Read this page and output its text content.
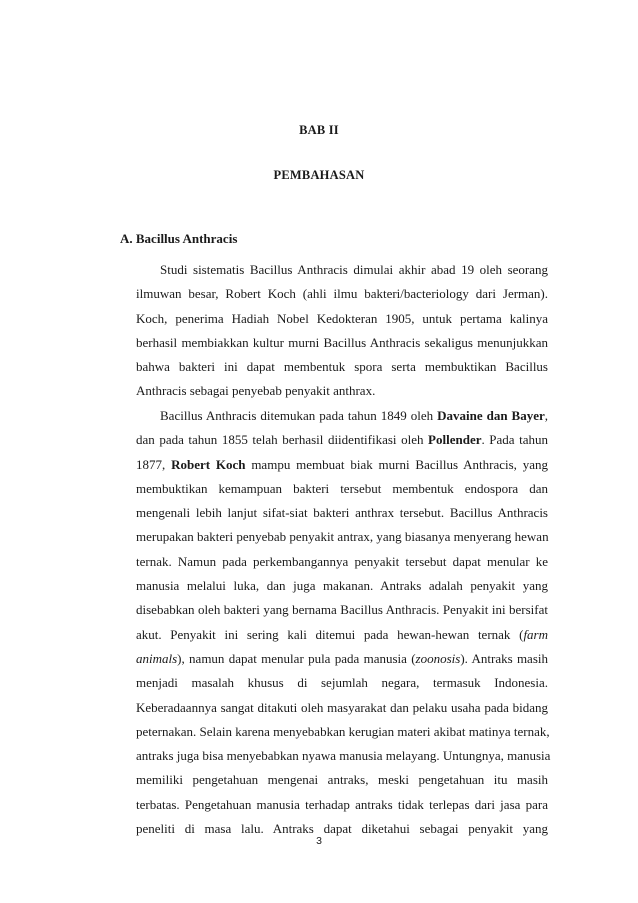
BAB II
PEMBAHASAN
A. Bacillus Anthracis
Studi sistematis Bacillus Anthracis dimulai akhir abad 19 oleh seorang
ilmuwan besar, Robert Koch (ahli ilmu bakteri/bacteriology dari Jerman).
Koch, penerima Hadiah Nobel Kedokteran 1905, untuk pertama kalinya
berhasil membiakkan kultur murni Bacillus Anthracis sekaligus menunjukkan
bahwa bakteri ini dapat membentuk spora serta membuktikan Bacillus
Anthracis sebagai penyebab penyakit anthrax.
Bacillus Anthracis ditemukan pada tahun 1849 oleh Davaine dan Bayer,
dan pada tahun 1855 telah berhasil diidentifikasi oleh Pollender. Pada tahun
1877, Robert Koch mampu membuat biak murni Bacillus Anthracis, yang
membuktikan kemampuan bakteri tersebut membentuk endospora dan
mengenali lebih lanjut sifat-siat bakteri anthrax tersebut. Bacillus Anthracis
merupakan bakteri penyebab penyakit antrax, yang biasanya menyerang hewan
ternak. Namun pada perkembangannya penyakit tersebut dapat menular ke
manusia melalui luka, dan juga makanan. Antraks adalah penyakit yang
disebabkan oleh bakteri yang bernama Bacillus Anthracis. Penyakit ini bersifat
akut. Penyakit ini sering kali ditemui pada hewan-hewan ternak (farm
animals), namun dapat menular pula pada manusia (zoonosis). Antraks masih
menjadi masalah khusus di sejumlah negara, termasuk Indonesia.
Keberadaannya sangat ditakuti oleh masyarakat dan pelaku usaha pada bidang
peternakan. Selain karena menyebabkan kerugian materi akibat matinya ternak,
antraks juga bisa menyebabkan nyawa manusia melayang. Untungnya, manusia
memiliki pengetahuan mengenai antraks, meski pengetahuan itu masih
terbatas. Pengetahuan manusia terhadap antraks tidak terlepas dari jasa para
peneliti di masa lalu. Antraks dapat diketahui sebagai penyakit yang
3
